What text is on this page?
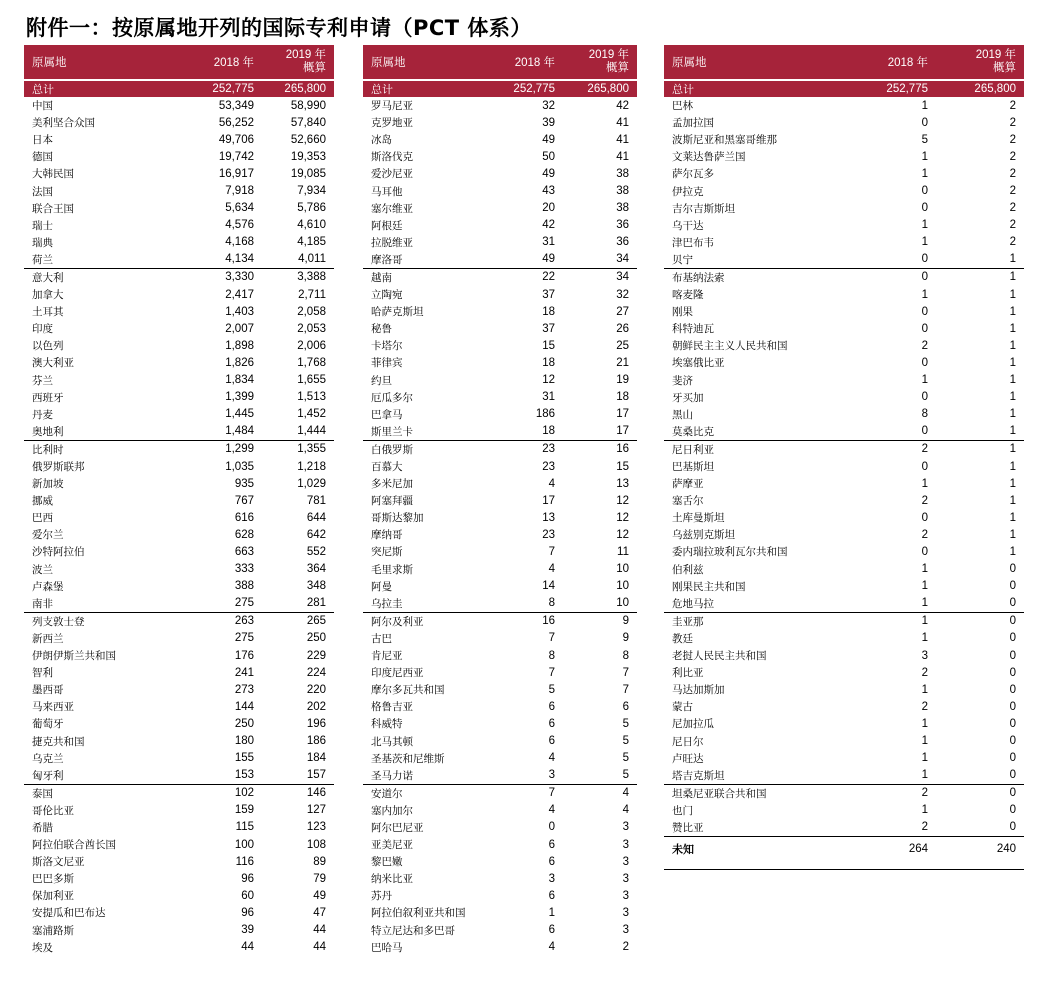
附件一：按原属地开列的国际专利申请（PCT 体系）
原属地	2018 年
2019 年
概算
总计	252,775	265,800
中国	53,349	58,990
美利坚合众国	56,252	57,840
日本	49,706	52,660
德国	19,742	19,353
大韩民国	16,917	19,085
法国	7,918	7,934
联合王国	5,634	5,786
瑞士	4,576	4,610
瑞典	4,168	4,185
荷兰	4,134	4,011
意大利	3,330	3,388
加拿大	2,417	2,711
土耳其	1,403	2,058
印度	2,007	2,053
以色列	1,898	2,006
澳大利亚	1,826	1,768
芬兰	1,834	1,655
西班牙	1,399	1,513
丹麦	1,445	1,452
奥地利	1,484	1,444
比利时	1,299	1,355
俄罗斯联邦	1,035	1,218
新加坡	935	1,029
挪威	767	781
巴西	616	644
爱尔兰	628	642
沙特阿拉伯	663	552
波兰	333	364
卢森堡	388	348
南非	275	281
列支敦士登	263	265
新西兰	275	250
伊朗伊斯兰共和国	176	229
智利	241	224
墨西哥	273	220
马来西亚	144	202
葡萄牙	250	196
捷克共和国	180	186
乌克兰	155	184
匈牙利	153	157
泰国	102	146
哥伦比亚	159	127
希腊	115	123
阿拉伯联合酋长国	100	108
斯洛文尼亚	116	89
巴巴多斯	96	79
保加利亚	60	49
安提瓜和巴布达	96	47
塞浦路斯	39	44
埃及	44	44
原属地	2018 年
2019 年
概算
总计	252,775	265,800
罗马尼亚	32	42
克罗地亚	39	41
冰岛	49	41
斯洛伐克	50	41
爱沙尼亚	49	38
马耳他	43	38
塞尔维亚	20	38
阿根廷	42	36
拉脱维亚	31	36
摩洛哥	49	34
越南	22	34
立陶宛	37	32
哈萨克斯坦	18	27
秘鲁	37	26
卡塔尔	15	25
菲律宾	18	21
约旦	12	19
厄瓜多尔	31	18
巴拿马	186	17
斯里兰卡	18	17
白俄罗斯	23	16
百慕大	23	15
多米尼加	4	13
阿塞拜疆	17	12
哥斯达黎加	13	12
摩纳哥	23	12
突尼斯	7	11
毛里求斯	4	10
阿曼	14	10
乌拉圭	8	10
阿尔及利亚	16	9
古巴	7	9
肯尼亚	8	8
印度尼西亚	7	7
摩尔多瓦共和国	5	7
格鲁吉亚	6	6
科威特	6	5
北马其顿	6	5
圣基茨和尼维斯	4	5
圣马力诺	3	5
安道尔	7	4
塞内加尔	4	4
阿尔巴尼亚	0	3
亚美尼亚	6	3
黎巴嫩	6	3
纳米比亚	3	3
苏丹	6	3
阿拉伯叙利亚共和国	1	3
特立尼达和多巴哥	6	3
巴哈马	4	2
原属地	2018 年
2019 年
概算
总计	252,775	265,800
巴林	1	2
孟加拉国	0	2
波斯尼亚和黑塞哥维那	5	2
文莱达鲁萨兰国	1	2
萨尔瓦多	1	2
伊拉克	0	2
吉尔吉斯斯坦	0	2
乌干达	1	2
津巴布韦	1	2
贝宁	0	1
布基纳法索	0	1
喀麦隆	1	1
刚果	0	1
科特迪瓦	0	1
朝鲜民主主义人民共和国	2	1
埃塞俄比亚	0	1
斐济	1	1
牙买加	0	1
黑山	8	1
莫桑比克	0	1
尼日利亚	2	1
巴基斯坦	0	1
萨摩亚	1	1
塞舌尔	2	1
土库曼斯坦	0	1
乌兹别克斯坦	2	1
委内瑞拉玻利瓦尔共和国	0	1
伯利兹	1	0
刚果民主共和国	1	0
危地马拉	1	0
圭亚那	1	0
教廷	1	0
老挝人民民主共和国	3	0
利比亚	2	0
马达加斯加	1	0
蒙古	2	0
尼加拉瓜	1	0
尼日尔	1	0
卢旺达	1	0
塔吉克斯坦	1	0
坦桑尼亚联合共和国	2	0
也门	1	0
赞比亚	2	0
未知	264	240
